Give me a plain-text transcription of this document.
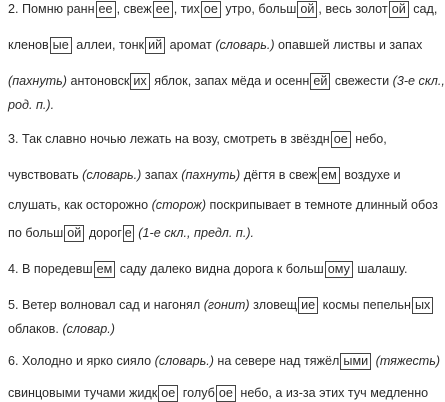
2. Помню ранн ее , свеж ее , тих ое утро, больш ой , весь золот ой сад,
кленов ые аллеи, тонк ий аромат (словарь.) опавшей листвы и запах
(пахнуть) антоновск их яблок, запах мёда и осенн ей свежести (3-е скл.,
род. п.).
3. Так славно ночью лежать на возу, смотреть в звёздн ое небо,
чувствовать (словарь.) запах (пахнуть) дёгтя в свеж ем воздухе и
слушать, как осторожно (сторож) поскрипывает в темноте длинный обоз
по больш ой дорог е (1-е скл., предл. п.).
4. В поредевш ем саду далеко видна дорога к больш ому шалашу.
5. Ветер волновал сад и нагонял (гонит) зловещ ие космы пепельн ых
облаков. (словар.)
6. Холодно и ярко сияло (словарь.) на севере над тяжёл ыми (тяжесть)
свинцовыми тучами жидк ое голуб ое небо, а из-за этих туч медленно
